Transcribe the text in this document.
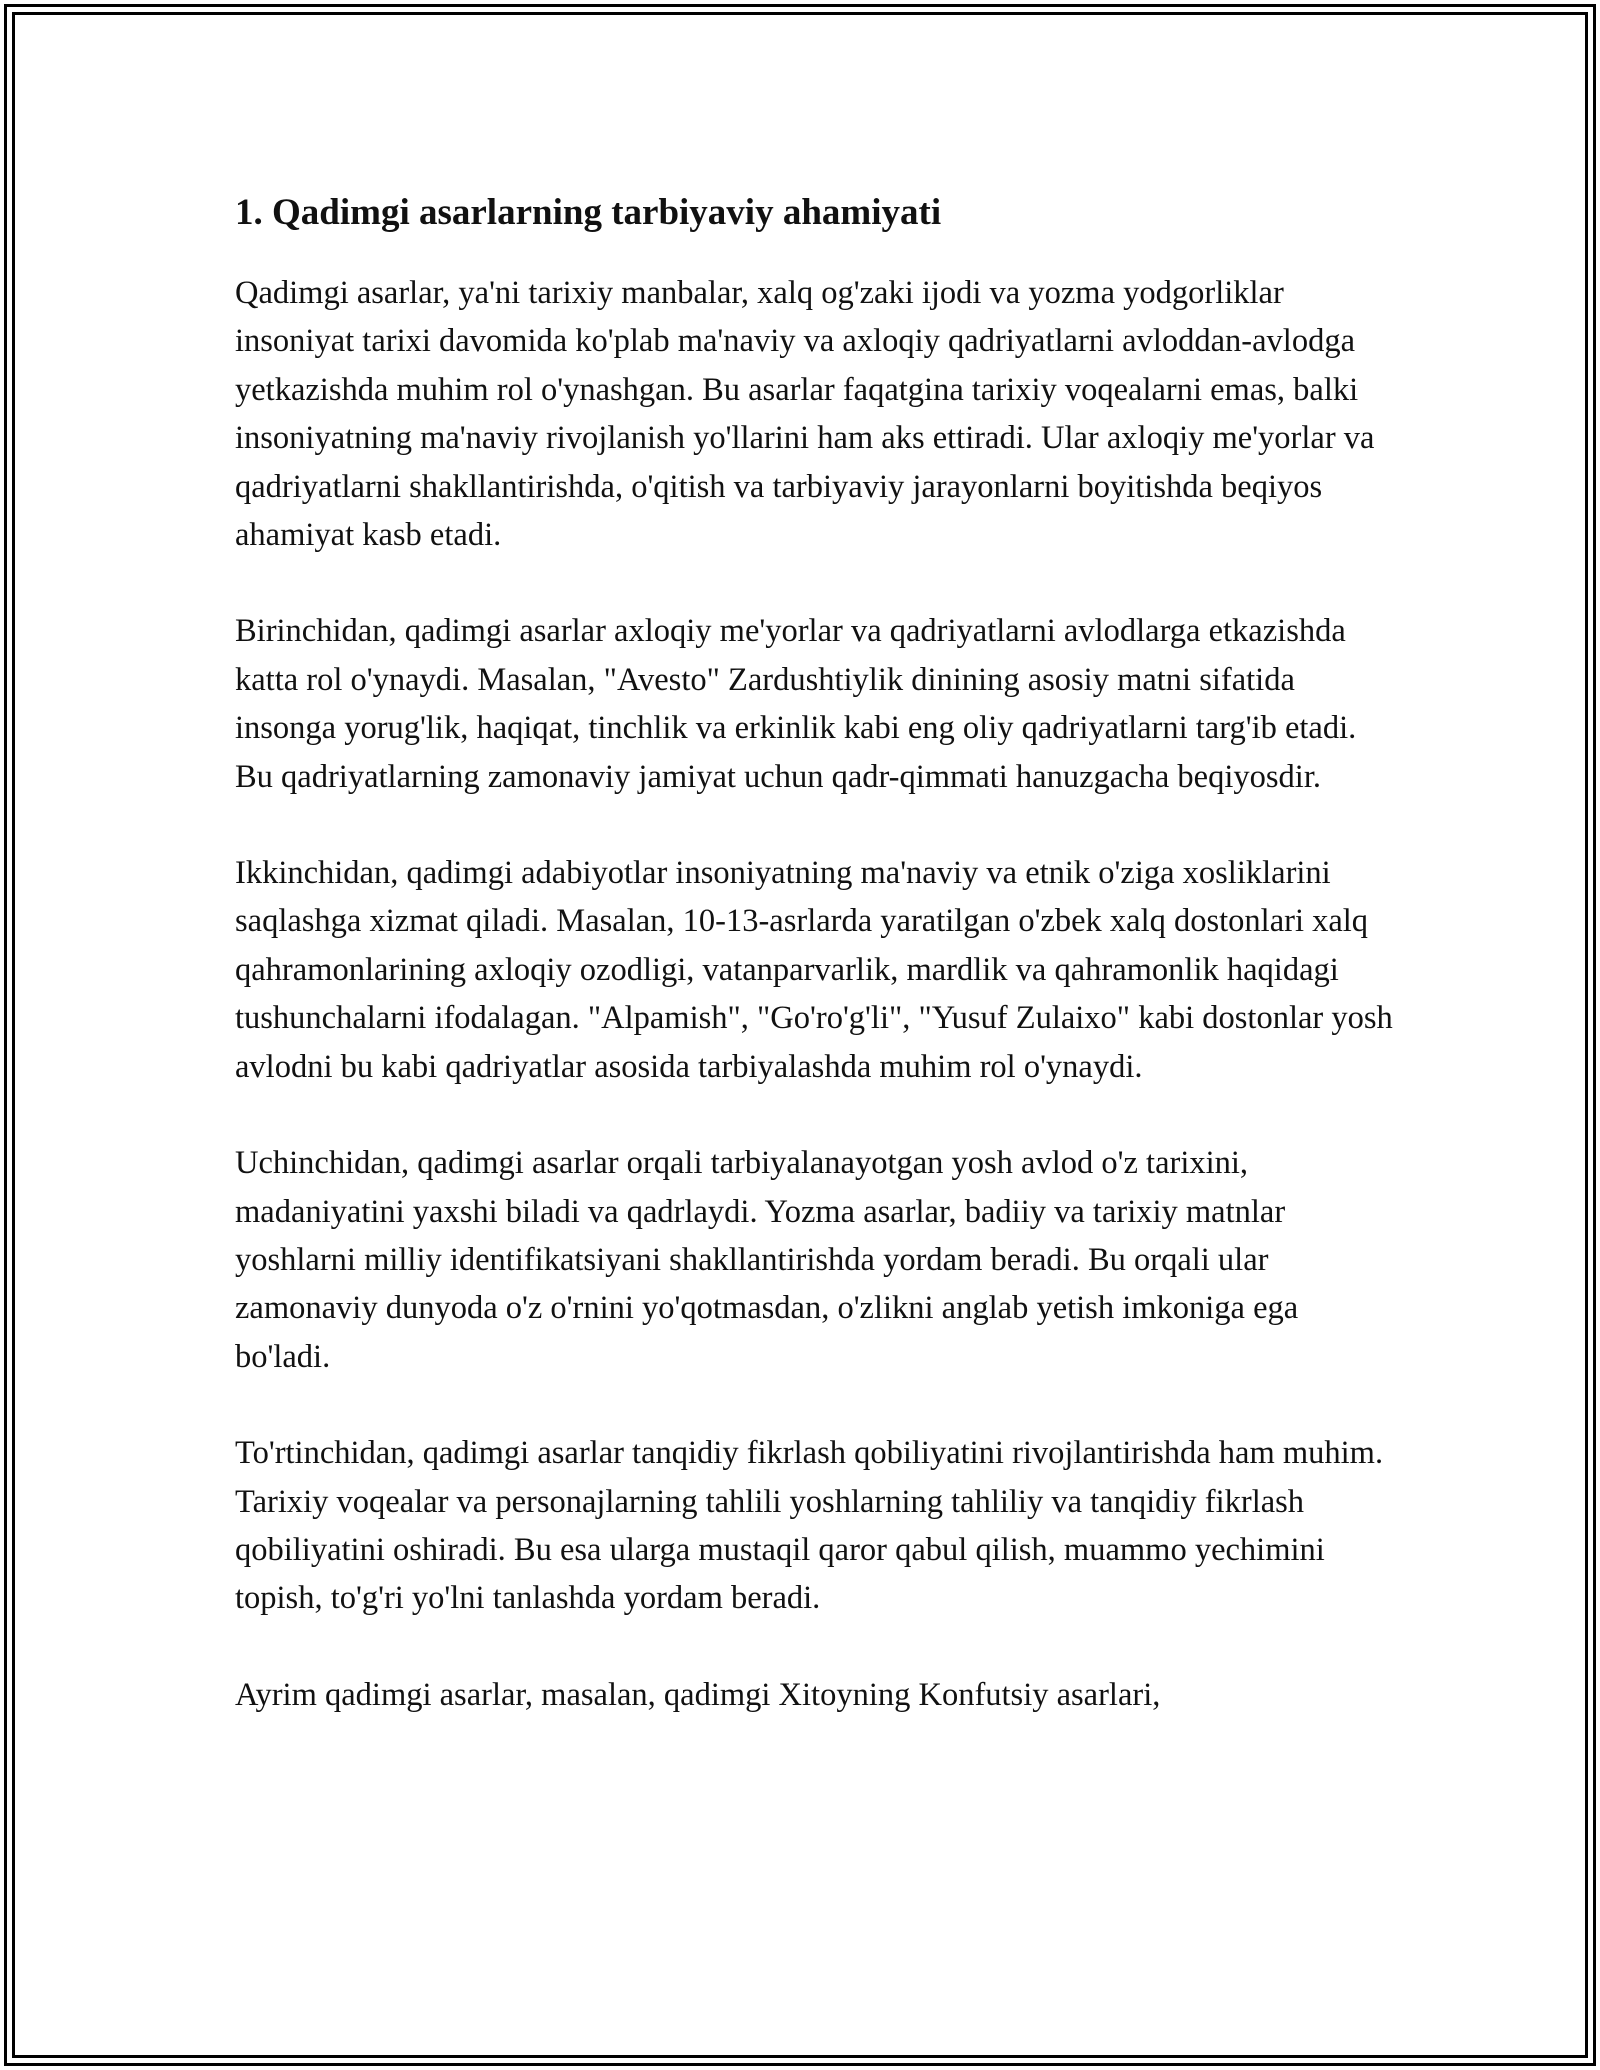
1. Qadimgi asarlarning tarbiyaviy ahamiyati

Qadimgi asarlar, ya'ni tarixiy manbalar, xalq og'zaki ijodi va yozma yodgorliklar insoniyat tarixi davomida ko'plab ma'naviy va axloqiy qadriyatlarni avloddan-avlodga yetkazishda muhim rol o'ynashgan. Bu asarlar faqatgina tarixiy voqealarni emas, balki insoniyatning ma'naviy rivojlanish yo'llarini ham aks ettiradi. Ular axloqiy me'yorlar va qadriyatlarni shakllantirishda, o'qitish va tarbiyaviy jarayonlarni boyitishda beqiyos ahamiyat kasb etadi.

Birinchidan, qadimgi asarlar axloqiy me'yorlar va qadriyatlarni avlodlarga etkazishda katta rol o'ynaydi. Masalan, "Avesto" Zardushtiylik dinining asosiy matni sifatida insonga yorug'lik, haqiqat, tinchlik va erkinlik kabi eng oliy qadriyatlarni targ'ib etadi. Bu qadriyatlarning zamonaviy jamiyat uchun qadr-qimmati hanuzgacha beqiyosdir.

Ikkinchidan, qadimgi adabiyotlar insoniyatning ma'naviy va etnik o'ziga xosliklarini saqlashga xizmat qiladi. Masalan, 10-13-asrlarda yaratilgan o'zbek xalq dostonlari xalq qahramonlarining axloqiy ozodligi, vatanparvarlik, mardlik va qahramonlik haqidagi tushunchalarni ifodalagan. "Alpamish", "Go'ro'g'li", "Yusuf Zulaixo" kabi dostonlar yosh avlodni bu kabi qadriyatlar asosida tarbiyalashda muhim rol o'ynaydi.

Uchinchidan, qadimgi asarlar orqali tarbiyalanayotgan yosh avlod o'z tarixini, madaniyatini yaxshi biladi va qadrlaydi. Yozma asarlar, badiiy va tarixiy matnlar yoshlarni milliy identifikatsiyani shakllantirishda yordam beradi. Bu orqali ular zamonaviy dunyoda o'z o'rnini yo'qotmasdan, o'zlikni anglab yetish imkoniga ega bo'ladi.

To'rtinchidan, qadimgi asarlar tanqidiy fikrlash qobiliyatini rivojlantirishda ham muhim. Tarixiy voqealar va personajlarning tahlili yoshlarning tahliliy va tanqidiy fikrlash qobiliyatini oshiradi. Bu esa ularga mustaqil qaror qabul qilish, muammo yechimini topish, to'g'ri yo'lni tanlashda yordam beradi.

Ayrim qadimgi asarlar, masalan, qadimgi Xitoyning Konfutsiy asarlari,
